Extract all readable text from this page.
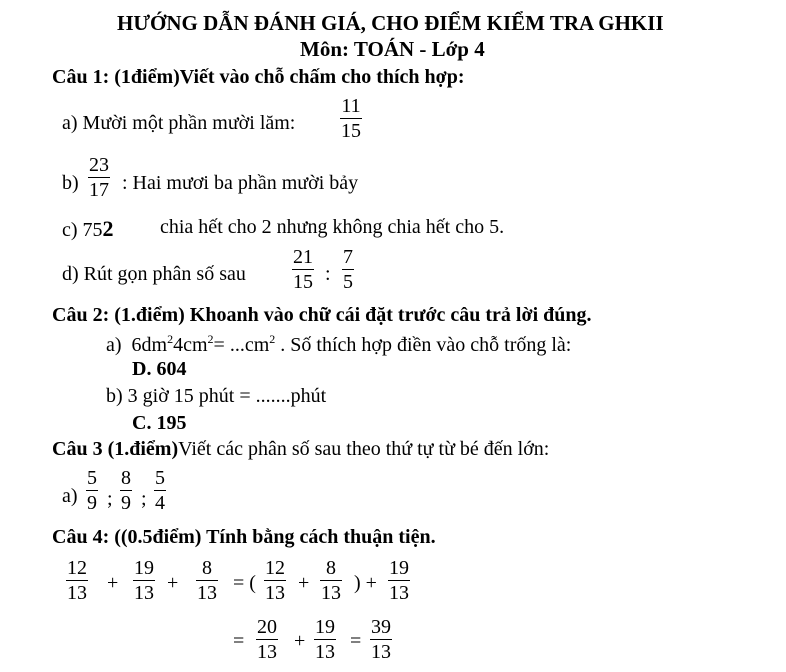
HƯỚNG DẪN ĐÁNH GIÁ, CHO ĐIỂM KIỂM TRA GHKII
Môn: TOÁN - Lớp 4
Câu 1: (1điểm)Viết vào chỗ chấm cho thích hợp:
a) Mười một phần mười lăm: $\frac{11}{15}$
$b) \frac{23}{17}$ : Hai mươi ba phần mười bảy
c) 752 chia hết cho 2 nhưng không chia hết cho 5.
d) Rút gọn phân số sau $\frac{21}{15}$ : $\frac{7}{5}$
Câu 2: (1.điểm) Khoanh vào chữ cái đặt trước câu trả lời đúng.
a) $6dm^24cm^2= ...cm^2$ . Số thích hợp điền vào chỗ trống là:
D. 604
b) 3 giờ 15 phút = .......phút
C. 195
Câu 3 (1.điểm)Viết các phân số sau theo thứ tự từ bé đến lớn:
$a) \frac{5}{9}$ ; $\frac{8}{9}$ ; $\frac{5}{4}$
Câu 4: ((0.5điểm) Tính bằng cách thuận tiện.
$\frac{12}{13} + \frac{19}{13} + \frac{8}{13}$ = ( $\frac{12}{13} + \frac{8}{13}$ ) + $\frac{19}{13}$
= $\frac{20}{13} + \frac{19}{13} = \frac{39}{13}$
